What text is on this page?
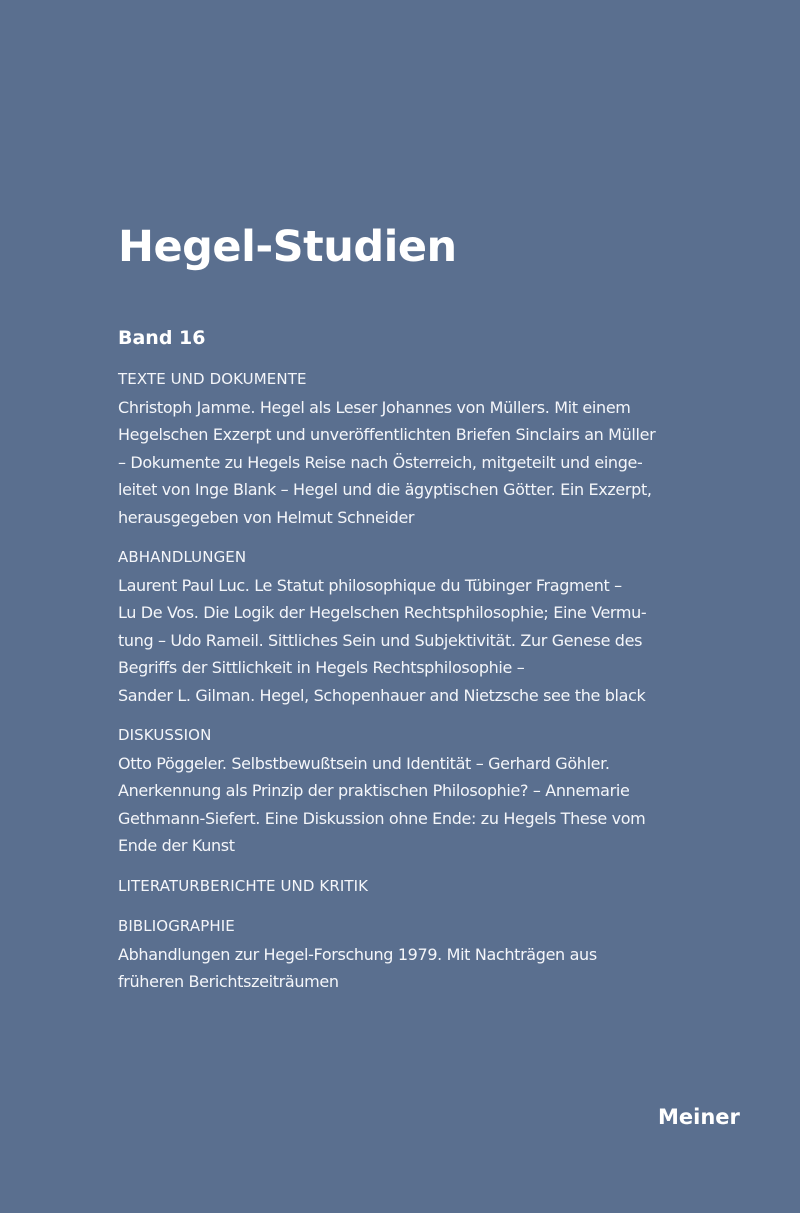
Hegel-Studien
Band 16

TEXTE UND DOKUMENTE

Christoph Jamme. Hegel als Leser Johannes von Müllers. Mit einem

Hegelschen Exzerpt und unveröffentlichten Briefen Sinclairs an Müller

– Dokumente zu Hegels Reise nach Österreich, mitgeteilt und einge-

leitet von Inge Blank – Hegel und die ägyptischen Götter. Ein Exzerpt,

herausgegeben von Helmut Schneider

ABHANDLUNGEN

Laurent Paul Luc. Le Statut philosophique du Tübinger Fragment –

Lu De Vos. Die Logik der Hegelschen Rechtsphilosophie; Eine Vermu-

tung – Udo Rameil. Sittliches Sein und Subjektivität. Zur Genese des

Begriffs der Sittlichkeit in Hegels Rechtsphilosophie –

Sander L. Gilman. Hegel, Schopenhauer and Nietzsche see the black

DISKUSSION

Otto Pöggeler. Selbstbewußtsein und Identität – Gerhard Göhler.

Anerkennung als Prinzip der praktischen Philosophie? – Annemarie

Gethmann-Siefert. Eine Diskussion ohne Ende: zu Hegels These vom

Ende der Kunst

LITERATURBERICHTE UND KRITIK

BIBLIOGRAPHIE

Abhandlungen zur Hegel-Forschung 1979. Mit Nachträgen aus

früheren Berichtszeiträumen

Meiner
